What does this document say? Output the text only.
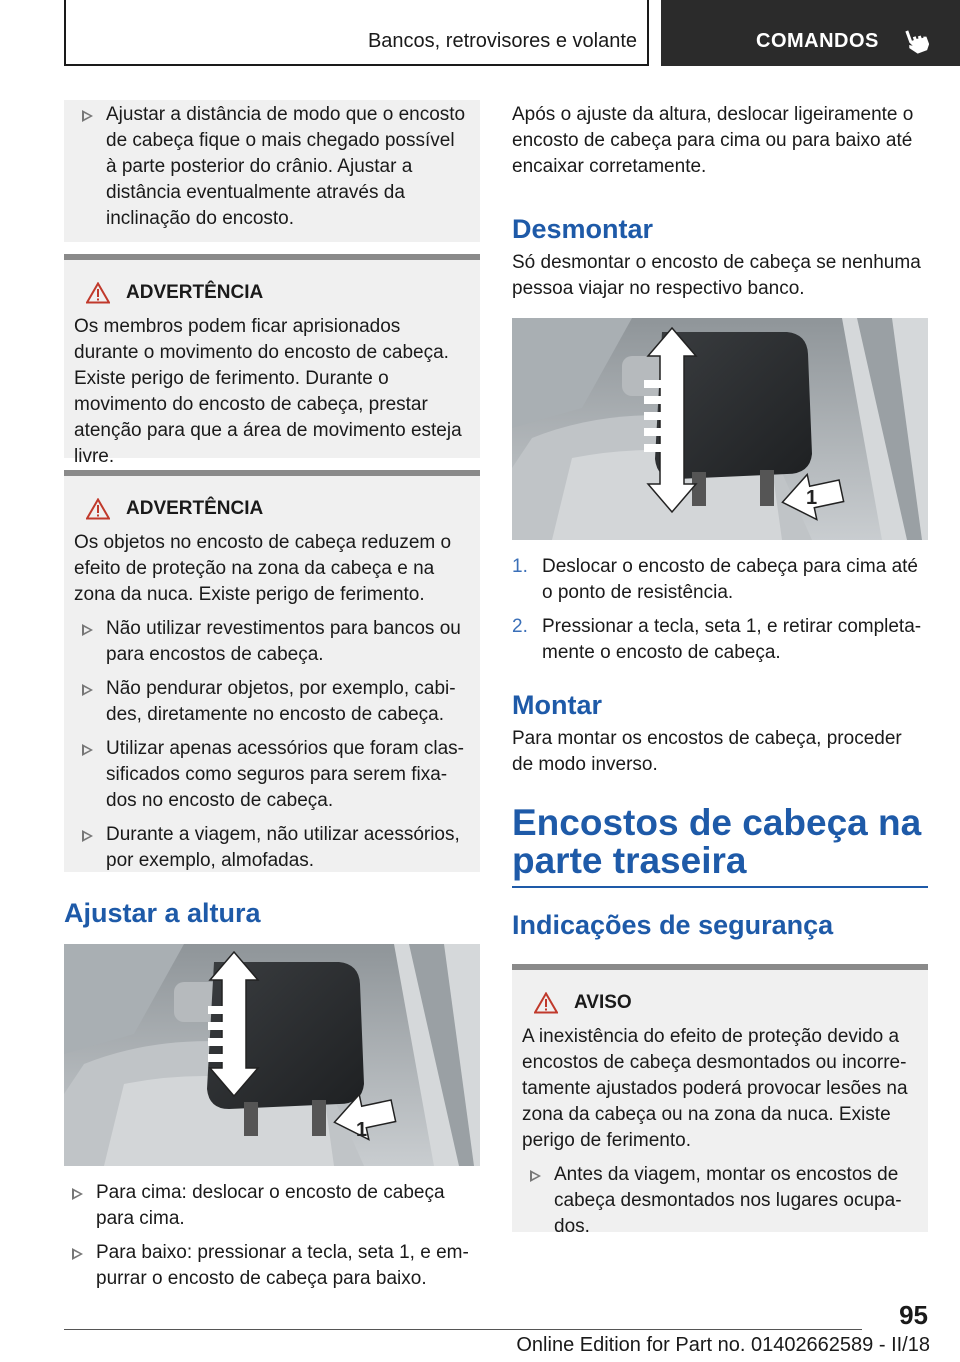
Bancos, retrovisores e volante	COMANDOS
Ajustar a distância de modo que o encosto de cabeça fique o mais chegado possível à parte posterior do crânio. Ajustar a distância eventualmente através da inclinação do encosto.
ADVERTÊNCIA

Os membros podem ficar aprisionados durante o movimento do encosto de cabeça. Existe perigo de ferimento. Durante o movimento do encosto de cabeça, prestar atenção para que a área de movimento esteja livre.

ADVERTÊNCIA

Os objetos no encosto de cabeça reduzem o efeito de proteção na zona da cabeça e na zona da nuca. Existe perigo de ferimento.

Não utilizar revestimentos para bancos ou para encostos de cabeça.
Não pendurar objetos, por exemplo, cabides, diretamente no encosto de cabeça.
Utilizar apenas acessórios que foram classificados como seguros para serem fixados no encosto de cabeça.
Durante a viagem, não utilizar acessórios, por exemplo, almofadas.
Ajustar a altura
1
Para cima: deslocar o encosto de cabeça para cima.
Para baixo: pressionar a tecla, seta 1, e empurrar o encosto de cabeça para baixo.

Após o ajuste da altura, deslocar ligeiramente o encosto de cabeça para cima ou para baixo até encaixar corretamente.

Desmontar

Só desmontar o encosto de cabeça se nenhuma pessoa viajar no respectivo banco.

1
1. Deslocar o encosto de cabeça para cima até o ponto de resistência.
2. Pressionar a tecla, seta 1, e retirar completamente o encosto de cabeça.
Montar

Para montar os encostos de cabeça, proceder de modo inverso.

Encostos de cabeça na parte traseira
Indicações de segurança
AVISO

A inexistência do efeito de proteção devido a encostos de cabeça desmontados ou incorretamente ajustados poderá provocar lesões na zona da cabeça ou na zona da nuca. Existe perigo de ferimento.

Antes da viagem, montar os encostos de cabeça desmontados nos lugares ocupados.
95
Online Edition for Part no. 01402662589 - II/18
